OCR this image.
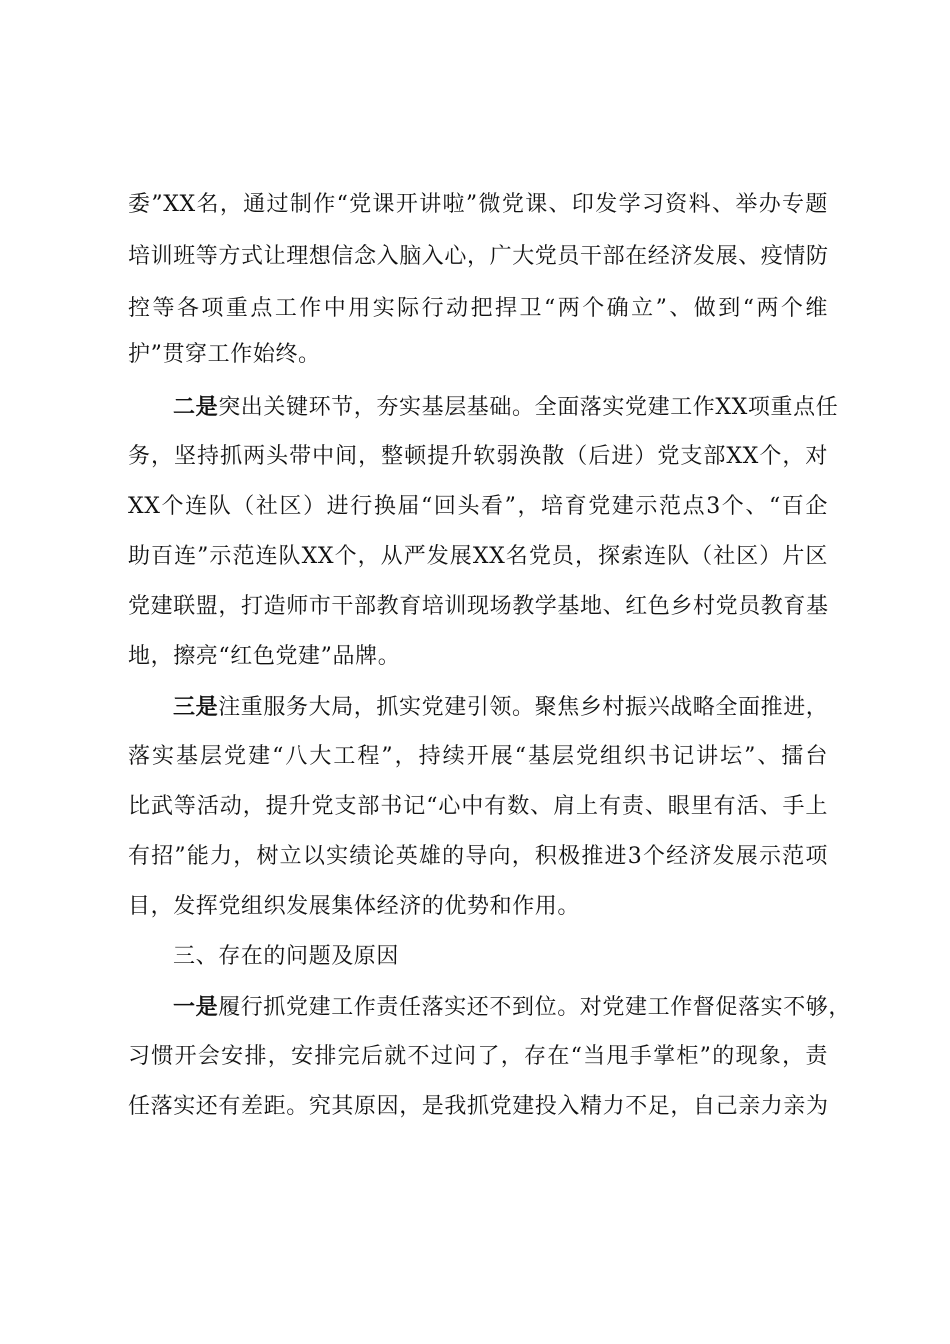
委”XX名，通过制作“党课开讲啦”微党课、印发学习资料、举办专题
培训班等方式让理想信念入脑入心，广大党员干部在经济发展、疫情防
控等各项重点工作中用实际行动把捍卫“两个确立”、做到“两个维
护”贯穿工作始终。
二是突出关键环节，夯实基层基础。全面落实党建工作XX项重点任
务，坚持抓两头带中间，整顿提升软弱涣散（后进）党支部XX个，对
XX个连队（社区）进行换届“回头看”，培育党建示范点3个、“百企
助百连”示范连队XX个，从严发展XX名党员，探索连队（社区）片区
党建联盟，打造师市干部教育培训现场教学基地、红色乡村党员教育基
地，擦亮“红色党建”品牌。
三是注重服务大局，抓实党建引领。聚焦乡村振兴战略全面推进，
落实基层党建“八大工程”，持续开展“基层党组织书记讲坛”、擂台
比武等活动，提升党支部书记“心中有数、肩上有责、眼里有活、手上
有招”能力，树立以实绩论英雄的导向，积极推进3个经济发展示范项
目，发挥党组织发展集体经济的优势和作用。
三、存在的问题及原因
一是履行抓党建工作责任落实还不到位。对党建工作督促落实不够，
习惯开会安排，安排完后就不过问了，存在“当甩手掌柜”的现象，责
任落实还有差距。究其原因，是我抓党建投入精力不足，自己亲力亲为
